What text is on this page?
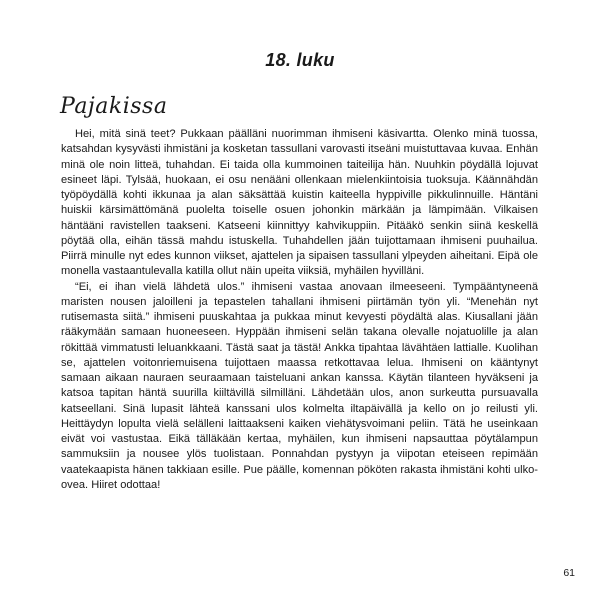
18. luku
Pajakissa

Hei, mitä sinä teet? Pukkaan päälläni nuorimman ihmiseni käsivartta. Olenko minä tuossa, katsahdan kysyvästi ihmistäni ja kosketan tassullani varovasti itseäni muistuttavaa kuvaa. Enhän minä ole noin litteä, tuhahdan. Ei taida olla kummoinen taiteilija hän. Nuuhkin pöydällä lojuvat esineet läpi. Tylsää, huokaan, ei osu nenääni ollenkaan mielenkiintoisia tuoksuja. Käännähdän työpöydällä kohti ikkunaa ja alan säksättää kuistin kaiteella hyppiville pikkulinnuille. Häntäni huiskii kärsimättömänä puolelta toiselle osuen johonkin märkään ja lämpimään. Vilkaisen häntääni ravistellen taakseni. Katseeni kiinnittyy kahvikuppiin. Pitääkö senkin siinä keskellä pöytää olla, eihän tässä mahdu istuskella. Tuhahdellen jään tuijottamaan ihmiseni puuhailua. Piirrä minulle nyt edes kunnon viikset, ajattelen ja sipaisen tassullani ylpeyden aiheitani. Eipä ole monella vastaantulevalla katilla ollut näin upeita viiksiä, myhäilen hyvilläni.

“Ei, ei ihan vielä lähdetä ulos.” ihmiseni vastaa anovaan ilmeeseeni. Tympääntyneenä maristen nousen jaloilleni ja tepastelen tahallani ihmiseni piirtämän työn yli. “Menehän nyt rutisemasta siitä.” ihmiseni puuskahtaa ja pukkaa minut kevyesti pöydältä alas. Kiusallani jään rääkymään samaan huoneeseen. Hyppään ihmiseni selän takana olevalle nojatuolille ja alan rökittää vimmatusti leluankkaani. Tästä saat ja tästä! Ankka tipahtaa lävähtäen lattialle. Kuolihan se, ajattelen voitonriemuisena tuijottaen maassa retkottavaa lelua. Ihmiseni on kääntynyt samaan aikaan nauraen seuraamaan taisteluani ankan kanssa. Käytän tilanteen hyväkseni ja katsoa tapitan häntä suurilla kiiltävillä silmilläni. Lähdetään ulos, anon surkeutta pursuavalla katseellani. Sinä lupasit lähteä kanssani ulos kolmelta iltapäivällä ja kello on jo reilusti yli. Heittäydyn lopulta vielä selälleni laittaakseni kaiken viehätysvoimani peliin. Tätä he useinkaan eivät voi vastustaa. Eikä tälläkään kertaa, myhäilen, kun ihmiseni napsauttaa pöytälampun sammuksiin ja nousee ylös tuolistaan. Ponnahdan pystyyn ja viipotan eteiseen repimään vaatekaapista hänen takkiaan esille. Pue päälle, komennan pököten rakasta ihmistäni kohti ulko-ovea. Hiiret odottaa!

61
